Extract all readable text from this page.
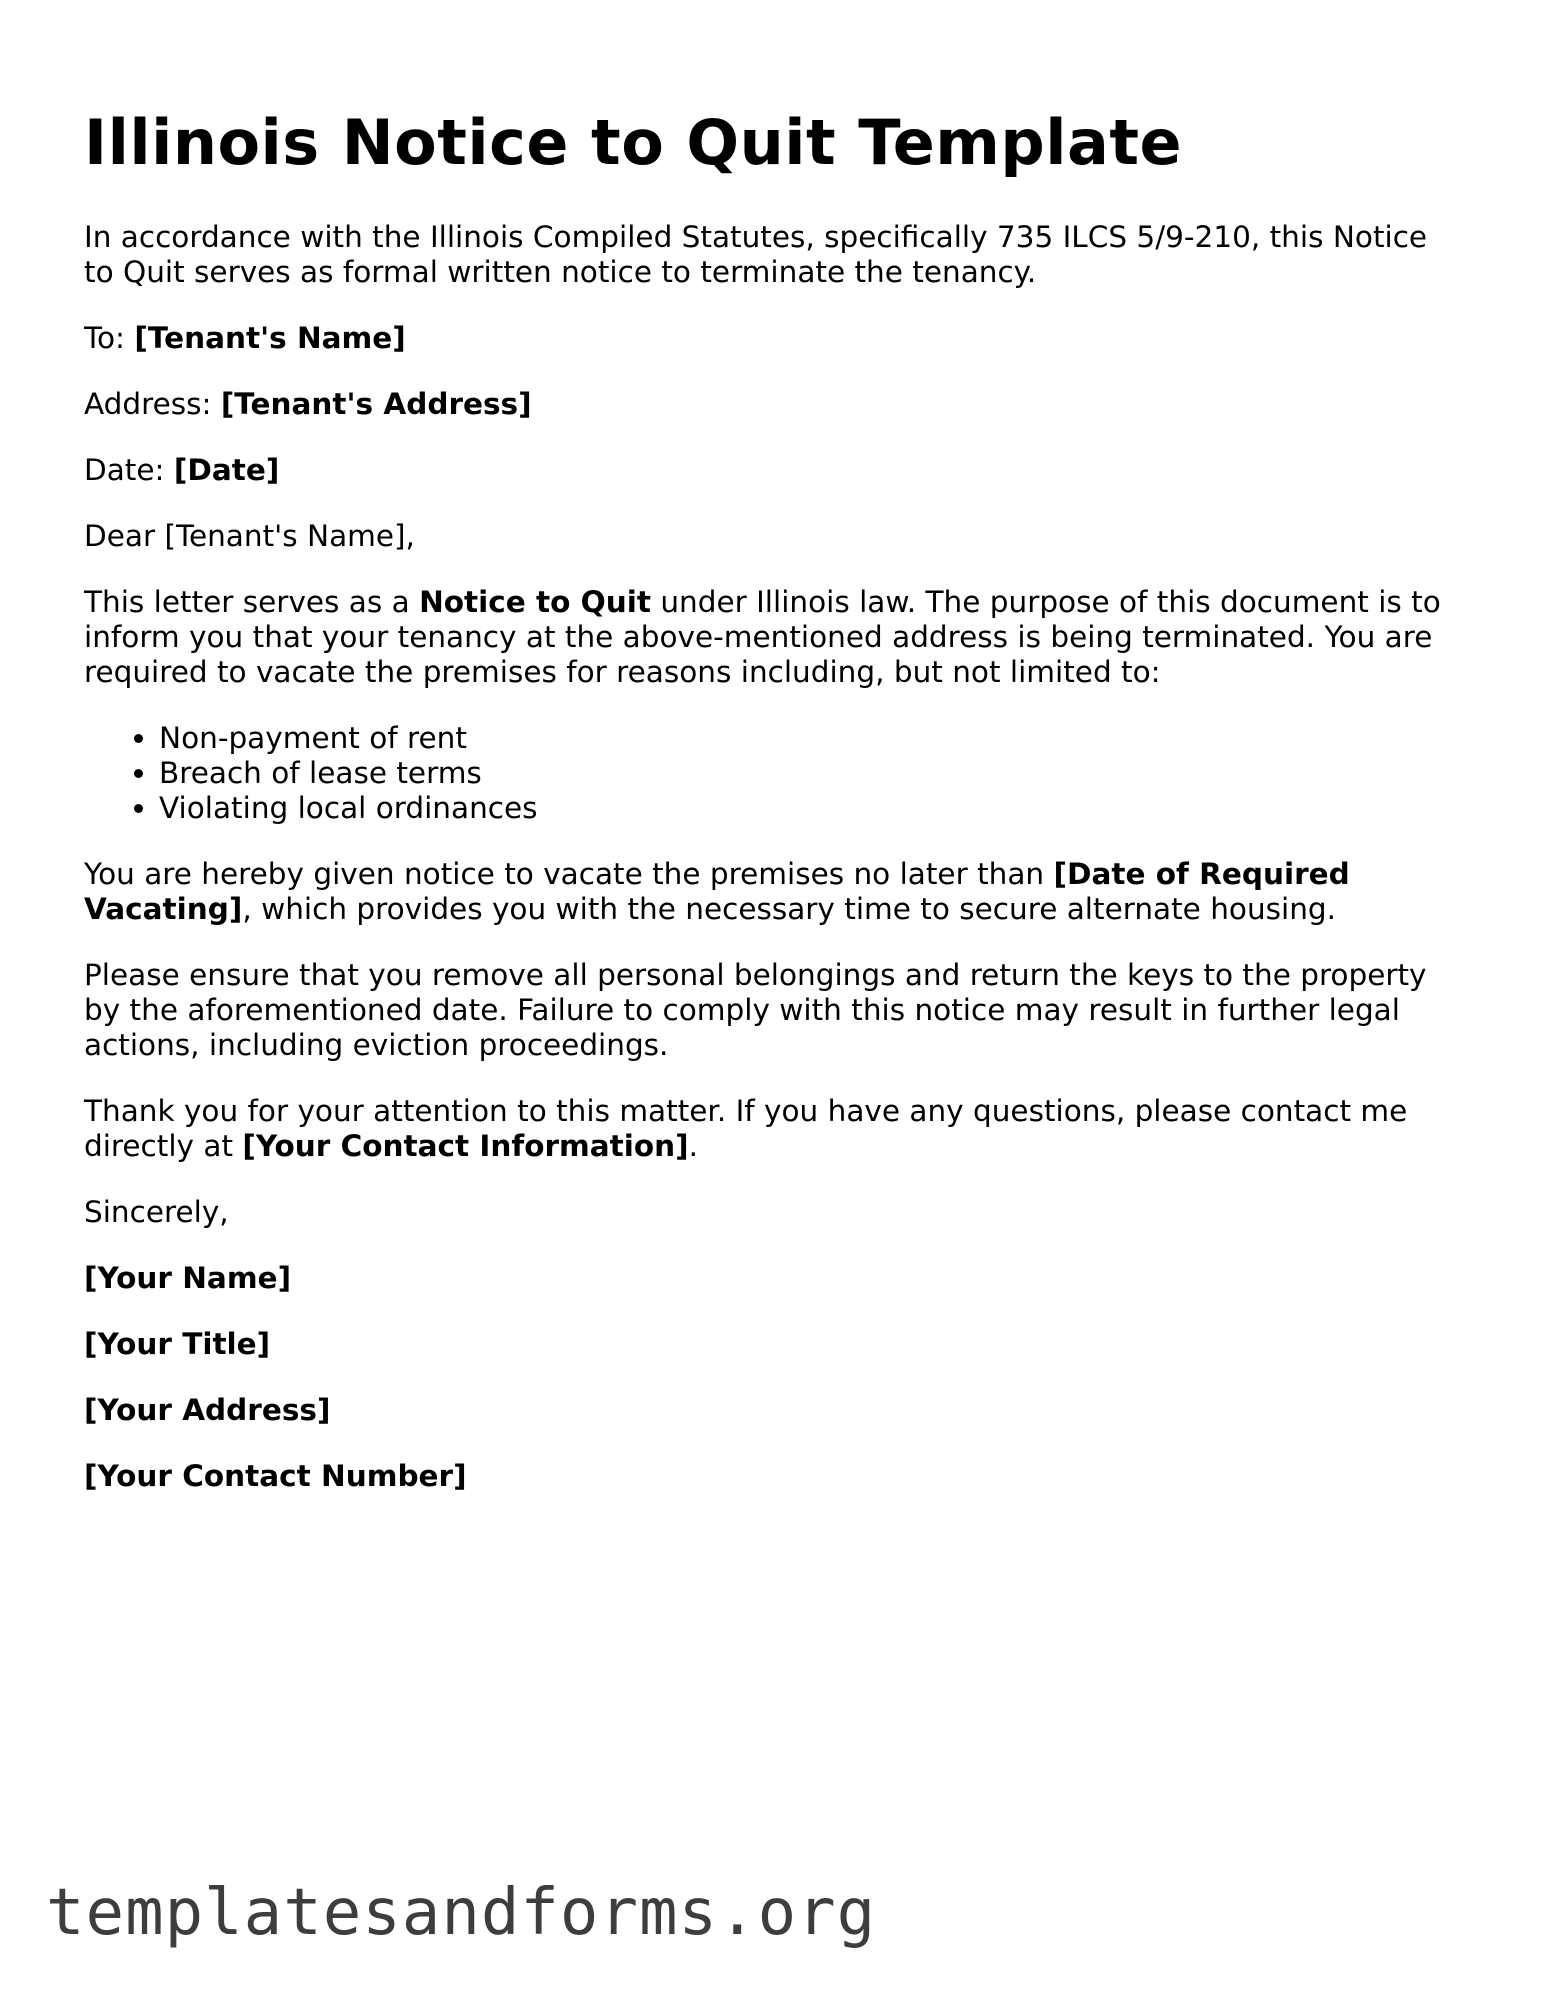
Illinois Notice to Quit Template

In accordance with the Illinois Compiled Statutes, specifically 735 ILCS 5/9-210, this Notice to Quit serves as formal written notice to terminate the tenancy.

To: [Tenant's Name]

Address: [Tenant's Address]

Date: [Date]

Dear [Tenant's Name],

This letter serves as a Notice to Quit under Illinois law. The purpose of this document is to inform you that your tenancy at the above-mentioned address is being terminated. You are required to vacate the premises for reasons including, but not limited to:

• Non-payment of rent
• Breach of lease terms
• Violating local ordinances

You are hereby given notice to vacate the premises no later than [Date of Required Vacating], which provides you with the necessary time to secure alternate housing.

Please ensure that you remove all personal belongings and return the keys to the property by the aforementioned date. Failure to comply with this notice may result in further legal actions, including eviction proceedings.

Thank you for your attention to this matter. If you have any questions, please contact me directly at [Your Contact Information].

Sincerely,

[Your Name]

[Your Title]

[Your Address]

[Your Contact Number]

templatesandforms.org
